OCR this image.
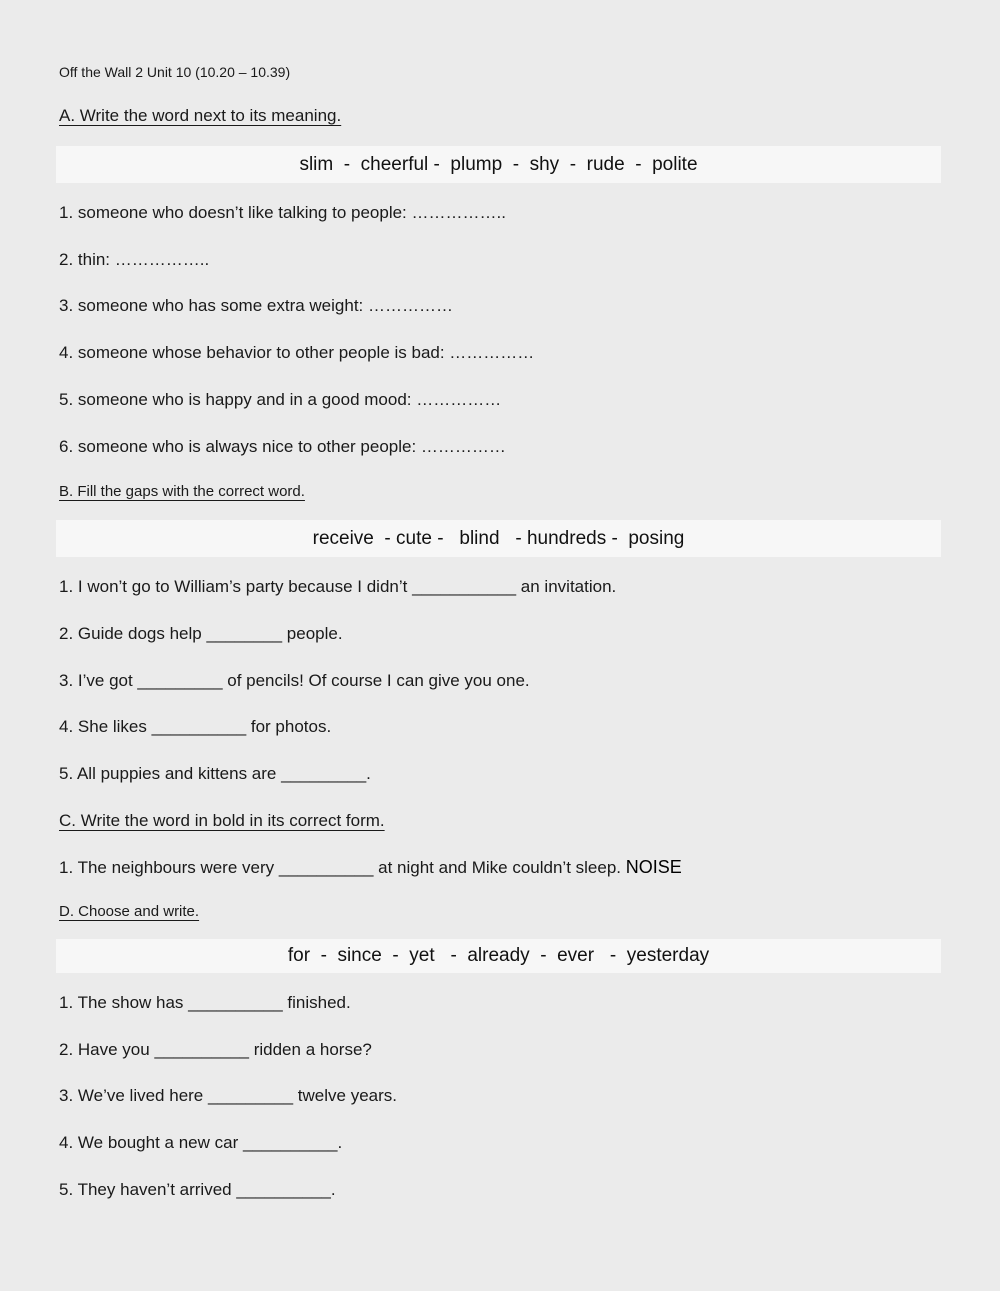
Off the Wall 2 Unit 10 (10.20 – 10.39)
A. Write the word next to its meaning.
slim  -  cheerful -  plump  -  shy  -  rude  -  polite
1. someone who doesn’t like talking to people: ……………..
2. thin: ……………..
3. someone who has some extra weight: ……………
4. someone whose behavior to other people is bad: ……………
5. someone who is happy and in a good mood: ……………
6. someone who is always nice to other people: ……………
B. Fill the gaps with the correct word.
receive  - cute -   blind   - hundreds -  posing
1. I won’t go to William’s party because I didn’t ___________ an invitation.
2. Guide dogs help ________ people.
3. I’ve got _________ of pencils! Of course I can give you one.
4. She likes __________ for photos.
5. All puppies and kittens are _________.
C. Write the word in bold in its correct form.
1. The neighbours were very __________ at night and Mike couldn’t sleep. NOISE
D. Choose and write.
for  -  since  -  yet   -  already  -  ever   -  yesterday
1. The show has __________ finished.
2. Have you __________ ridden a horse?
3. We’ve lived here _________ twelve years.
4. We bought a new car __________.
5. They haven’t arrived __________.
